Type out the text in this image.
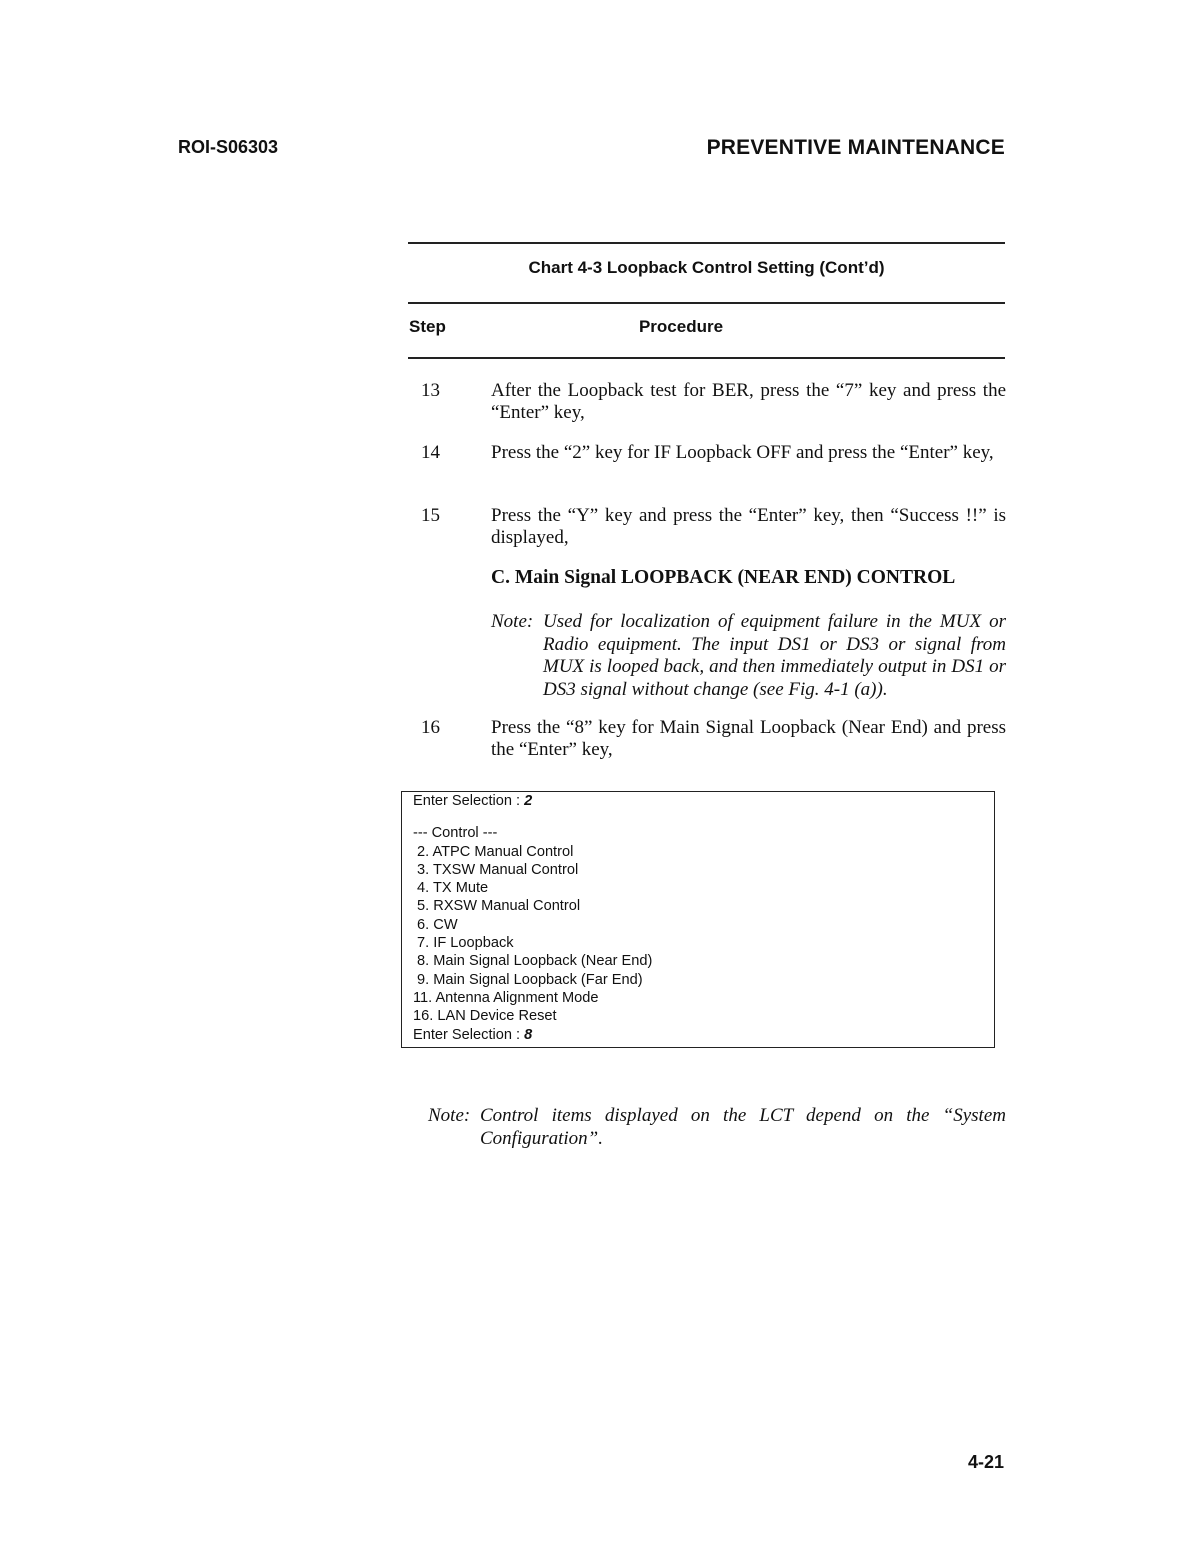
ROI-S06303	PREVENTIVE MAINTENANCE
Chart 4-3 Loopback Control Setting (Cont’d)
Step	Procedure
13	After the Loopback test for BER, press the “7” key and press the “Enter” key,
14	Press the “2” key for IF Loopback OFF and press the “Enter” key,
15	Press the “Y” key and press the “Enter” key, then “Success !!” is displayed,
C. Main Signal LOOPBACK (NEAR END) CONTROL
Note: Used for localization of equipment failure in the MUX or Radio equipment. The input DS1 or DS3 or signal from MUX is looped back, and then immediately output in DS1 or DS3 signal without change (see Fig. 4-1 (a)).
16	Press the “8” key for Main Signal Loopback (Near End) and press the “Enter” key,
Enter Selection : 2
--- Control ---
2. ATPC Manual Control
3. TXSW Manual Control
4. TX Mute
5. RXSW Manual Control
6. CW
7. IF Loopback
8. Main Signal Loopback (Near End)
9. Main Signal Loopback (Far End)
11. Antenna Alignment Mode
16. LAN Device Reset
Enter Selection : 8
Note: Control items displayed on the LCT depend on the “System Configuration”.
4-21
